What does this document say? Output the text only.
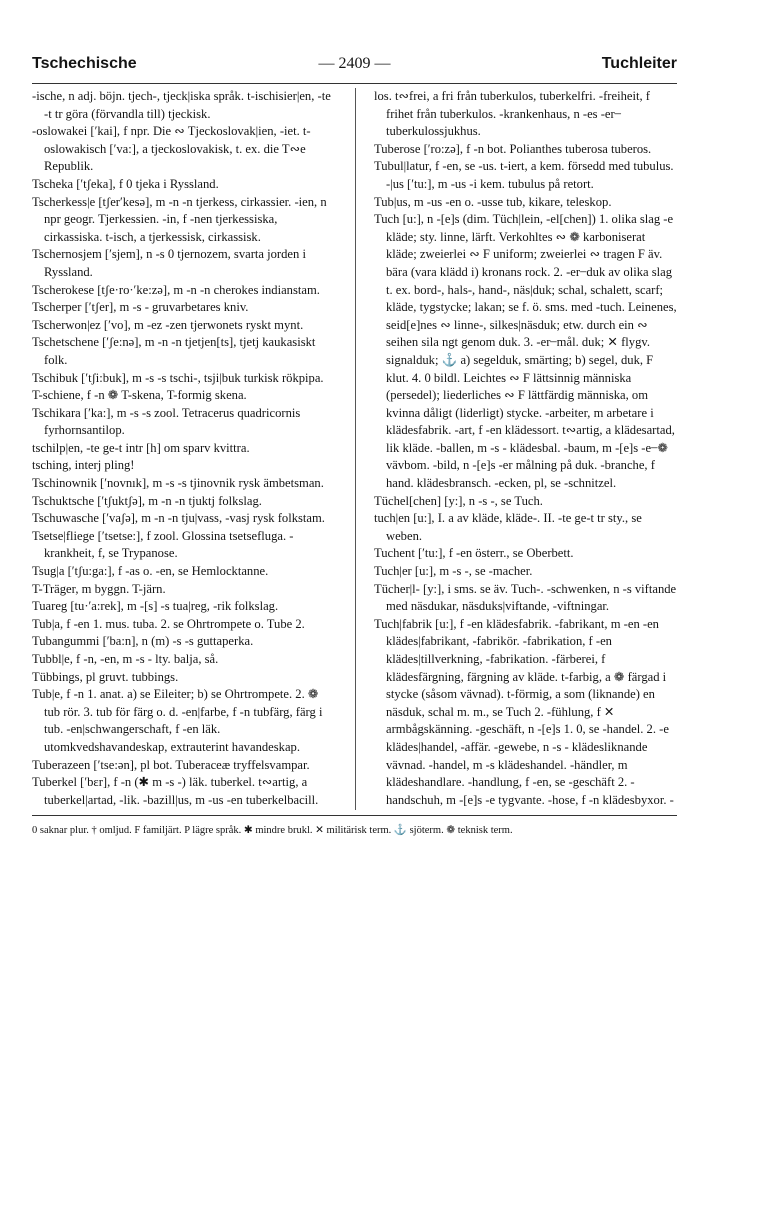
Tschechische	— 2409 —	Tuchleiter

-ische, n adj. böjn. tjech-, tjeck|iska språk. t-ischisier|en, -te -t tr göra (förvandla till) tjeckisk.

-oslowakei [′kai], f npr. Die ∾ Tjeckoslovak|ien, -iet. t-oslowakisch [′va:], a tjeckoslovakisk, t. ex. die T∾e Republik.

Tscheka [′tʃeka], f 0 tjeka i Ryssland.

Tscherkess|e [tʃer′kesə], m -n -n tjerkess, cirkassier. -ien, n npr geogr. Tjerkessien. -in, f -nen tjerkessiska, cirkassiska. t-isch, a tjerkessisk, cirkassisk.

Tschernosjem [′sjem], n -s 0 tjernozem, svarta jorden i Ryssland.

Tscherokese [tʃe·ro·′ke:zə], m -n -n cherokes indianstam.

Tscherper [′tʃer], m -s - gruvarbetares kniv.

Tscherwon|ez [′vo], m -ez -zen tjerwonets ryskt mynt.

Tschetschene [′ʃe:nə], m -n -n tjetjen[ts], tjetj kaukasiskt folk.

Tschibuk [′tʃi:buk], m -s -s tschi-, tsji|buk turkisk rökpipa.

T-schiene, f -n ❁ T-skena, T-formig skena.

Tschikara [′ka:], m -s -s zool. Tetracerus quadricornis fyrhornsantilop.

tschilp|en, -te ge-t intr [h] om sparv kvittra.

tsching, interj pling!

Tschinownik [′novnık], m -s -s tjinovnik rysk ämbetsman.

Tschuktsche [′tʃuktʃə], m -n -n tjuktj folkslag.

Tschuwasche [′vaʃə], m -n -n tju|vass, -vasj rysk folkstam.

Tsetse|fliege [′tsetse:], f zool. Glossina tsetsefluga. -krankheit, f, se Trypanose.

Tsug|a [′tʃu:ga:], f -as o. -en, se Hemlocktanne.

T-Träger, m byggn. T-järn.

Tuareg [tu·′a:rek], m -[s] -s tua|reg, -rik folkslag.

Tub|a, f -en 1. mus. tuba. 2. se Ohrtrompete o. Tube 2.

Tubangummi [′ba:n], n (m) -s -s guttaperka.

Tubbl|e, f -n, -en, m -s - lty. balja, så.

Tübbings, pl gruvt. tubbings.

Tub|e, f -n 1. anat. a) se Eileiter; b) se Ohrtrompete. 2. ❁ tub rör. 3. tub för färg o. d. -en|farbe, f -n tubfärg, färg i tub. -en|schwangerschaft, f -en läk. utomkvedshavandeskap, extrauterint havandeskap.

Tuberazeen [′tse:ən], pl bot. Tuberaceæ tryffelsvampar.

Tuberkel [′bεr], f -n (✱ m -s -) läk. tuberkel. t∾artig, a tuberkel|artad, -lik. -bazill|us, m -us -en tuberkelbacill.

los. t∾frei, a fri från tuberkulos, tuberkelfri. -freiheit, f frihet från tuberkulos. -krankenhaus, n -es -er ̶ tuberkulossjukhus.

Tuberose [′ro:zə], f -n bot. Polianthes tuberosa tuberos.

Tubul|latur, f -en, se -us. t-iert, a kem. försedd med tubulus. -|us [′tu:], m -us -i kem. tubulus på retort.

Tub|us, m -us -en o. -usse tub, kikare, teleskop.

Tuch [u:], n -[e]s (dim. Tüch|lein, -el[chen]) 1. olika slag -e kläde; sty. linne, lärft. Verkohltes ∾ ❁ karboniserat kläde; zweierlei ∾ F uniform; zweierlei ∾ tragen F äv. bära (vara klädd i) kronans rock. 2. -er ̶ duk av olika slag t. ex. bord-, hals-, hand-, näs|duk; schal, schalett, scarf; kläde, tygstycke; lakan; se f. ö. sms. med -tuch. Leinenes, seid[e]nes ∾ linne-, silkes|näsduk; etw. durch ein ∾ seihen sila ngt genom duk. 3. -er ̶ mål. duk; ✕ flygv. signalduk; ⚓ a) segelduk, smärting; b) segel, duk, F klut. 4. 0 bildl. Leichtes ∾ F lättsinnig människa (persedel); liederliches ∾ F lättfärdig människa, om kvinna dåligt (liderligt) stycke. -arbeiter, m arbetare i klädesfabrik. -art, f -en klädessort. t∾artig, a klädesartad, lik kläde. -ballen, m -s - klädesbal. -baum, m -[e]s -e ̶ ❁ vävbom. -bild, n -[e]s -er målning på duk. -branche, f hand. klädesbransch. -ecken, pl, se -schnitzel.

Tüchel[chen] [y:], n -s -, se Tuch.

tuch|en [u:], I. a av kläde, kläde-. II. -te ge-t tr sty., se weben.

Tuchent [′tu:], f -en österr., se Oberbett.

Tuch|er [u:], m -s -, se -macher.

Tücher|l- [y:], i sms. se äv. Tuch-. -schwenken, n -s viftande med näsdukar, näsduks|viftande, -viftningar.

Tuch|fabrik [u:], f -en klädesfabrik. -fabrikant, m -en -en klädes|fabrikant, -fabrikör. -fabrikation, f -en klädes|tillverkning, -fabrikation. -färberei, f klädesfärgning, färgning av kläde. t-farbig, a ❁ färgad i stycke (såsom vävnad). t-förmig, a som (liknande) en näsduk, schal m. m., se Tuch 2. -fühlung, f ✕ armbågskänning. -geschäft, n -[e]s 1. 0, se -handel. 2. -e klädes|handel, -affär. -gewebe, n -s - klädesliknande vävnad. -handel, m -s klädeshandel. -händler, m klädeshandlare. -handlung, f -en, se -geschäft 2. -handschuh, m -[e]s -e tygvante. -hose, f -n klädesbyxor. -

0 saknar plur. † omljud. F familjärt. P lägre språk. ✱ mindre brukl. ✕ militärisk term. ⚓ sjöterm. ❁ teknisk term.
